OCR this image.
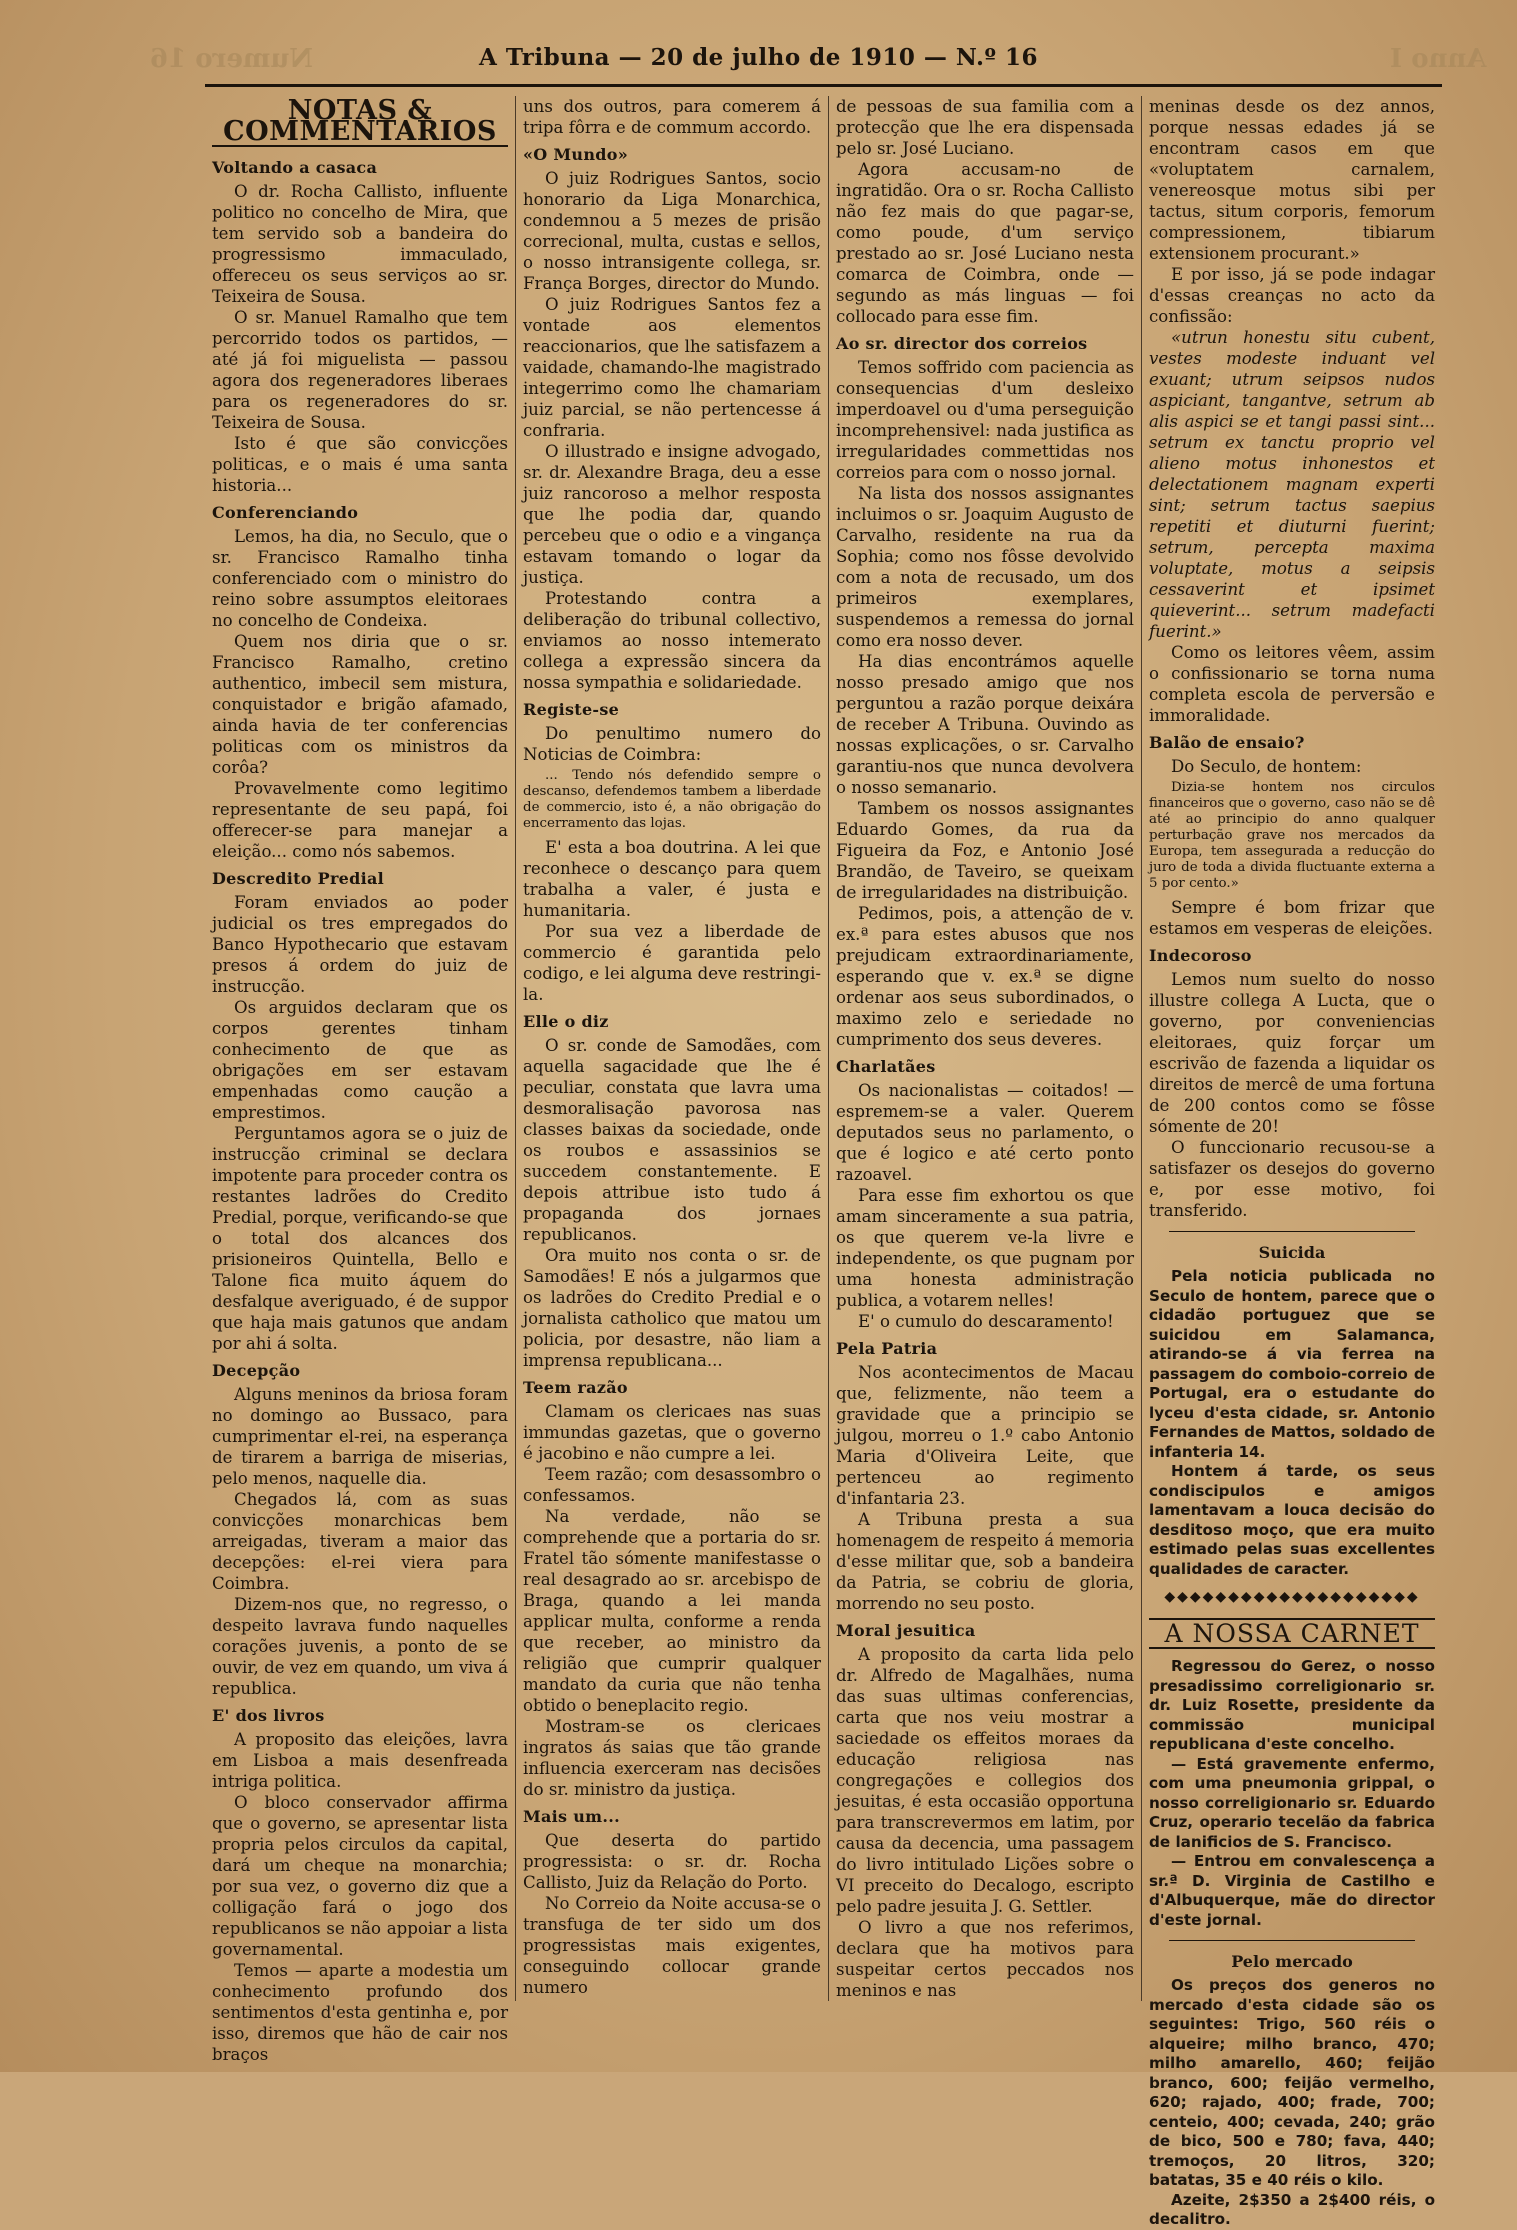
Numero 16	Anno I
A Tribuna — 20 de julho de 1910 — N.º 16
NOTAS & COMMENTARIOS
Voltando a casaca

O dr. Rocha Callisto, influente politico no concelho de Mira, que tem servido sob a bandeira do progressismo immaculado, offereceu os seus serviços ao sr. Teixeira de Sousa.

O sr. Manuel Ramalho que tem percorrido todos os partidos, — até já foi miguelista — passou agora dos regeneradores liberaes para os regeneradores do sr. Teixeira de Sousa.

Isto é que são convicções politicas, e o mais é uma santa historia...

Conferenciando

Lemos, ha dia, no Seculo, que o sr. Francisco Ramalho tinha conferenciado com o ministro do reino sobre assumptos eleitoraes no concelho de Condeixa.

Quem nos diria que o sr. Francisco Ramalho, cretino authentico, imbecil sem mistura, conquistador e brigão afamado, ainda havia de ter conferencias politicas com os ministros da corôa?

Provavelmente como legitimo representante de seu papá, foi offerecer-se para manejar a eleição... como nós sabemos.

Descredito Predial

Foram enviados ao poder judicial os tres empregados do Banco Hypothecario que estavam presos á ordem do juiz de instrucção.

Os arguidos declaram que os corpos gerentes tinham conhecimento de que as obrigações em ser estavam empenhadas como caução a emprestimos.

Perguntamos agora se o juiz de instrucção criminal se declara impotente para proceder contra os restantes ladrões do Credito Predial, porque, verificando-se que o total dos alcances dos prisioneiros Quintella, Bello e Talone fica muito áquem do desfalque averiguado, é de suppor que haja mais gatunos que andam por ahi á solta.

Decepção

Alguns meninos da briosa foram no domingo ao Bussaco, para cumprimentar el-rei, na esperança de tirarem a barriga de miserias, pelo menos, naquelle dia.

Chegados lá, com as suas convicções monarchicas bem arreigadas, tiveram a maior das decepções: el-rei viera para Coimbra.

Dizem-nos que, no regresso, o despeito lavrava fundo naquelles corações juvenis, a ponto de se ouvir, de vez em quando, um viva á republica.

E' dos livros

A proposito das eleições, lavra em Lisboa a mais desenfreada intriga politica.

O bloco conservador affirma que o governo, se apresentar lista propria pelos circulos da capital, dará um cheque na monarchia; por sua vez, o governo diz que a colligação fará o jogo dos republicanos se não appoiar a lista governamental.

Temos — aparte a modestia um conhecimento profundo dos sentimentos d'esta gentinha e, por isso, diremos que hão de cair nos braços

uns dos outros, para comerem á tripa fôrra e de commum accordo.

«O Mundo»

O juiz Rodrigues Santos, socio honorario da Liga Monarchica, condemnou a 5 mezes de prisão correcional, multa, custas e sellos, o nosso intransigente collega, sr. França Borges, director do Mundo.

O juiz Rodrigues Santos fez a vontade aos elementos reaccionarios, que lhe satisfazem a vaidade, chamando-lhe magistrado integerrimo como lhe chamariam juiz parcial, se não pertencesse á confraria.

O illustrado e insigne advogado, sr. dr. Alexandre Braga, deu a esse juiz rancoroso a melhor resposta que lhe podia dar, quando percebeu que o odio e a vingança estavam tomando o logar da justiça.

Protestando contra a deliberação do tribunal collectivo, enviamos ao nosso intemerato collega a expressão sincera da nossa sympathia e solidariedade.

Registe-se

Do penultimo numero do Noticias de Coimbra:

... Tendo nós defendido sempre o descanso, defendemos tambem a liberdade de commercio, isto é, a não obrigação do encerramento das lojas.

E' esta a boa doutrina. A lei que reconhece o descanço para quem trabalha a valer, é justa e humanitaria.

Por sua vez a liberdade de commercio é garantida pelo codigo, e lei alguma deve restringi-la.

Elle o diz

O sr. conde de Samodães, com aquella sagacidade que lhe é peculiar, constata que lavra uma desmoralisação pavorosa nas classes baixas da sociedade, onde os roubos e assassinios se succedem constantemente. E depois attribue isto tudo á propaganda dos jornaes republicanos.

Ora muito nos conta o sr. de Samodães! E nós a julgarmos que os ladrões do Credito Predial e o jornalista catholico que matou um policia, por desastre, não liam a imprensa republicana...

Teem razão

Clamam os clericaes nas suas immundas gazetas, que o governo é jacobino e não cumpre a lei.

Teem razão; com desassombro o confessamos.

Na verdade, não se comprehende que a portaria do sr. Fratel tão sómente manifestasse o real desagrado ao sr. arcebispo de Braga, quando a lei manda applicar multa, conforme a renda que receber, ao ministro da religião que cumprir qualquer mandato da curia que não tenha obtido o beneplacito regio.

Mostram-se os clericaes ingratos ás saias que tão grande influencia exerceram nas decisões do sr. ministro da justiça.

Mais um...

Que deserta do partido progressista: o sr. dr. Rocha Callisto, Juiz da Relação do Porto.

No Correio da Noite accusa-se o transfuga de ter sido um dos progressistas mais exigentes, conseguindo collocar grande numero

de pessoas de sua familia com a protecção que lhe era dispensada pelo sr. José Luciano.

Agora accusam-no de ingratidão. Ora o sr. Rocha Callisto não fez mais do que pagar-se, como poude, d'um serviço prestado ao sr. José Luciano nesta comarca de Coimbra, onde — segundo as más linguas — foi collocado para esse fim.

Ao sr. director dos correios

Temos soffrido com paciencia as consequencias d'um desleixo imperdoavel ou d'uma perseguição incomprehensivel: nada justifica as irregularidades commettidas nos correios para com o nosso jornal.

Na lista dos nossos assignantes incluimos o sr. Joaquim Augusto de Carvalho, residente na rua da Sophia; como nos fôsse devolvido com a nota de recusado, um dos primeiros exemplares, suspendemos a remessa do jornal como era nosso dever.

Ha dias encontrámos aquelle nosso presado amigo que nos perguntou a razão porque deixára de receber A Tribuna. Ouvindo as nossas explicações, o sr. Carvalho garantiu-nos que nunca devolvera o nosso semanario.

Tambem os nossos assignantes Eduardo Gomes, da rua da Figueira da Foz, e Antonio José Brandão, de Taveiro, se queixam de irregularidades na distribuição.

Pedimos, pois, a attenção de v. ex.ª para estes abusos que nos prejudicam extraordinariamente, esperando que v. ex.ª se digne ordenar aos seus subordinados, o maximo zelo e seriedade no cumprimento dos seus deveres.

Charlatães

Os nacionalistas — coitados! — espremem-se a valer. Querem deputados seus no parlamento, o que é logico e até certo ponto razoavel.

Para esse fim exhortou os que amam sinceramente a sua patria, os que querem ve-la livre e independente, os que pugnam por uma honesta administração publica, a votarem nelles!

E' o cumulo do descaramento!

Pela Patria

Nos acontecimentos de Macau que, felizmente, não teem a gravidade que a principio se julgou, morreu o 1.º cabo Antonio Maria d'Oliveira Leite, que pertenceu ao regimento d'infantaria 23.

A Tribuna presta a sua homenagem de respeito á memoria d'esse militar que, sob a bandeira da Patria, se cobriu de gloria, morrendo no seu posto.

Moral jesuitica

A proposito da carta lida pelo dr. Alfredo de Magalhães, numa das suas ultimas conferencias, carta que nos veiu mostrar a saciedade os effeitos moraes da educação religiosa nas congregações e collegios dos jesuitas, é esta occasião opportuna para transcrevermos em latim, por causa da decencia, uma passagem do livro intitulado Lições sobre o VI preceito do Decalogo, escripto pelo padre jesuita J. G. Settler.

O livro a que nos referimos, declara que ha motivos para suspeitar certos peccados nos meninos e nas

meninas desde os dez annos, porque nessas edades já se encontram casos em que «voluptatem carnalem, venereosque motus sibi per tactus, situm corporis, femorum compressionem, tibiarum extensionem procurant.»

E por isso, já se pode indagar d'essas creanças no acto da confissão:

«utrun honestu situ cubent, vestes modeste induant vel exuant; utrum seipsos nudos aspiciant, tangantve, setrum ab alis aspici se et tangi passi sint... setrum ex tanctu proprio vel alieno motus inhonestos et delectationem magnam experti sint; setrum tactus saepius repetiti et diuturni fuerint; setrum, percepta maxima voluptate, motus a seipsis cessaverint et ipsimet quieverint... setrum madefacti fuerint.»

Como os leitores vêem, assim o confissionario se torna numa completa escola de perversão e immoralidade.

Balão de ensaio?

Do Seculo, de hontem:

Dizia-se hontem nos circulos financeiros que o governo, caso não se dê até ao principio do anno qualquer perturbação grave nos mercados da Europa, tem assegurada a reducção do juro de toda a divida fluctuante externa a 5 por cento.»

Sempre é bom frizar que estamos em vesperas de eleições.

Indecoroso

Lemos num suelto do nosso illustre collega A Lucta, que o governo, por conveniencias eleitoraes, quiz forçar um escrivão de fazenda a liquidar os direitos de mercê de uma fortuna de 200 contos como se fôsse sómente de 20!

O funccionario recusou-se a satisfazer os desejos do governo e, por esse motivo, foi transferido.

Suicida

Pela noticia publicada no Seculo de hontem, parece que o cidadão portuguez que se suicidou em Salamanca, atirando-se á via ferrea na passagem do comboio-correio de Portugal, era o estudante do lyceu d'esta cidade, sr. Antonio Fernandes de Mattos, soldado de infanteria 14.

Hontem á tarde, os seus condiscipulos e amigos lamentavam a louca decisão do desditoso moço, que era muito estimado pelas suas excellentes qualidades de caracter.

◆◆◆◆◆◆◆◆◆◆◆◆◆◆◆◆◆◆◆◆
A NOSSA CARNET

Regressou do Gerez, o nosso presadissimo correligionario sr. dr. Luiz Rosette, presidente da commissão municipal republicana d'este concelho.

— Está gravemente enfermo, com uma pneumonia grippal, o nosso correligionario sr. Eduardo Cruz, operario tecelão da fabrica de lanificios de S. Francisco.

— Entrou em convalescença a sr.ª D. Virginia de Castilho e d'Albuquerque, mãe do director d'este jornal.

Pelo mercado

Os preços dos generos no mercado d'esta cidade são os seguintes: Trigo, 560 réis o alqueire; milho branco, 470; milho amarello, 460; feijão branco, 600; feijão vermelho, 620; rajado, 400; frade, 700; centeio, 400; cevada, 240; grão de bico, 500 e 780; fava, 440; tremoços, 20 litros, 320; batatas, 35 e 40 réis o kilo.

Azeite, 2$350 a 2$400 réis, o decalitro.
